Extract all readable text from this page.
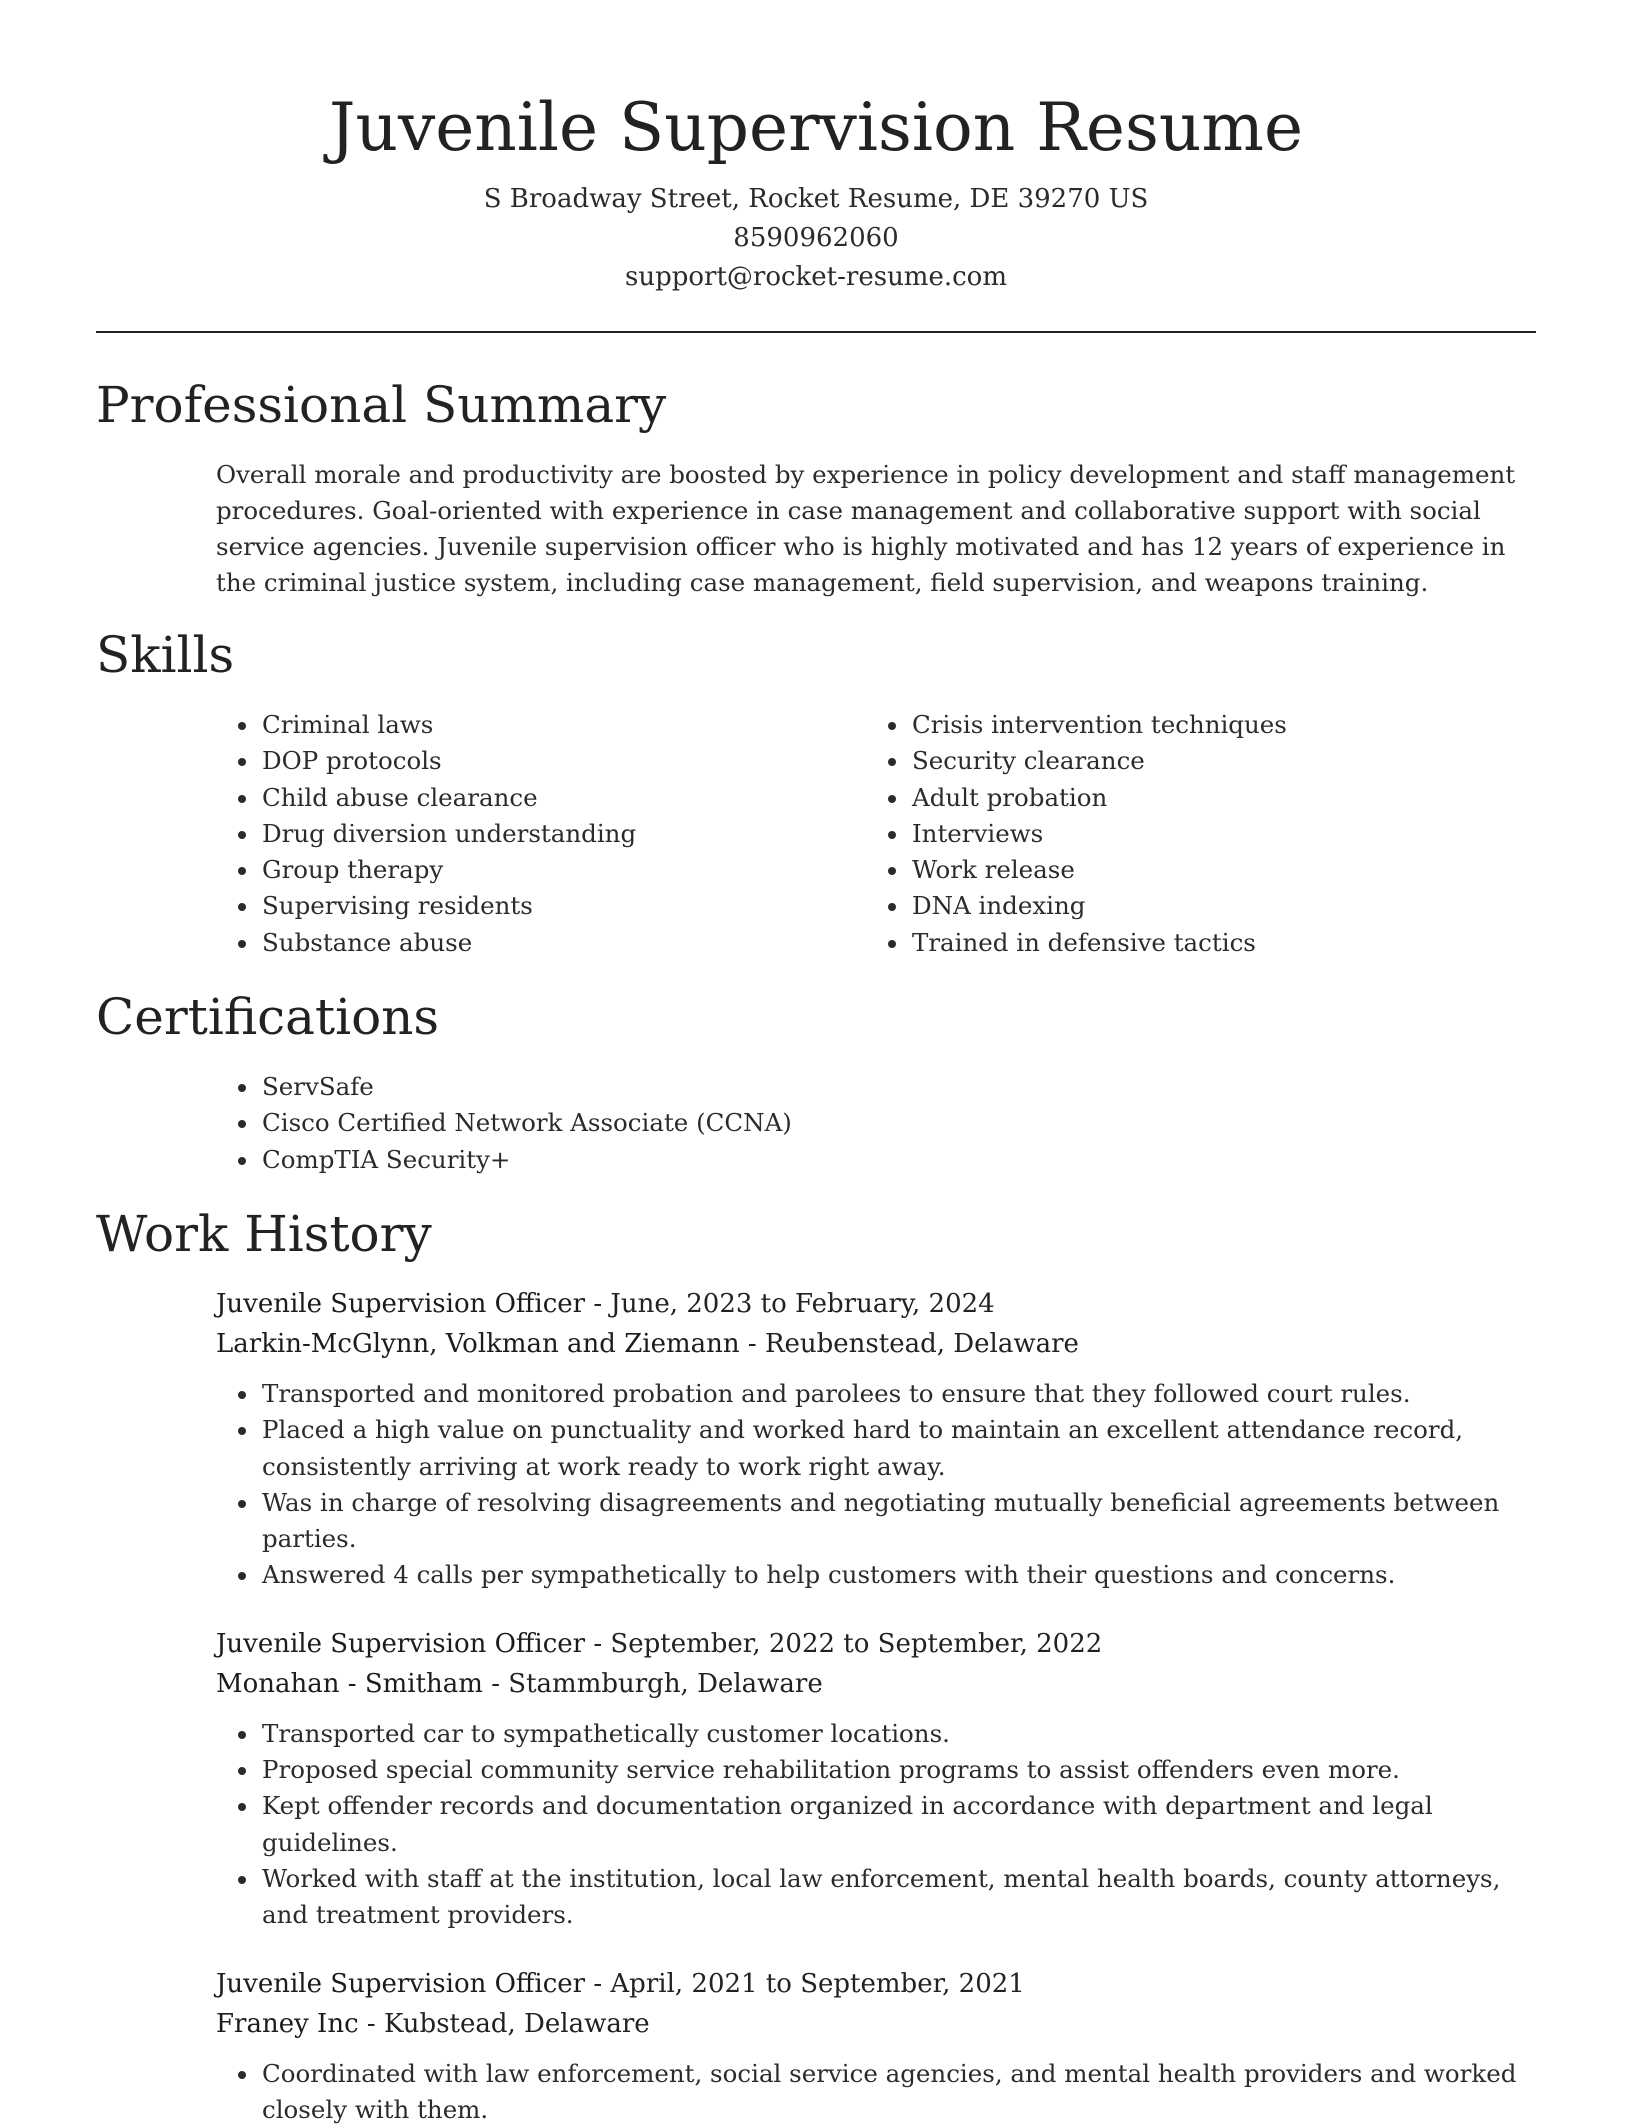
Juvenile Supervision Resume

S Broadway Street, Rocket Resume, DE 39270 US

8590962060

support@rocket-resume.com

Professional Summary

Overall morale and productivity are boosted by experience in policy development and staff management procedures. Goal-oriented with experience in case management and collaborative support with social service agencies. Juvenile supervision officer who is highly motivated and has 12 years of experience in the criminal justice system, including case management, field supervision, and weapons training.

Skills
• Criminal laws
• DOP protocols
• Child abuse clearance
• Drug diversion understanding
• Group therapy
• Supervising residents
• Substance abuse
• Crisis intervention techniques
• Security clearance
• Adult probation
• Interviews
• Work release
• DNA indexing
• Trained in defensive tactics
Certifications
• ServSafe
• Cisco Certified Network Associate (CCNA)
• CompTIA Security+
Work History

Juvenile Supervision Officer - June, 2023 to February, 2024

Larkin-McGlynn, Volkman and Ziemann - Reubenstead, Delaware

• Transported and monitored probation and parolees to ensure that they followed court rules.
• Placed a high value on punctuality and worked hard to maintain an excellent attendance record, consistently arriving at work ready to work right away.
• Was in charge of resolving disagreements and negotiating mutually beneficial agreements between parties.
• Answered 4 calls per sympathetically to help customers with their questions and concerns.

Juvenile Supervision Officer - September, 2022 to September, 2022

Monahan - Smitham - Stammburgh, Delaware

• Transported car to sympathetically customer locations.
• Proposed special community service rehabilitation programs to assist offenders even more.
• Kept offender records and documentation organized in accordance with department and legal guidelines.
• Worked with staff at the institution, local law enforcement, mental health boards, county attorneys, and treatment providers.

Juvenile Supervision Officer - April, 2021 to September, 2021

Franey Inc - Kubstead, Delaware

• Coordinated with law enforcement, social service agencies, and mental health providers and worked closely with them.
